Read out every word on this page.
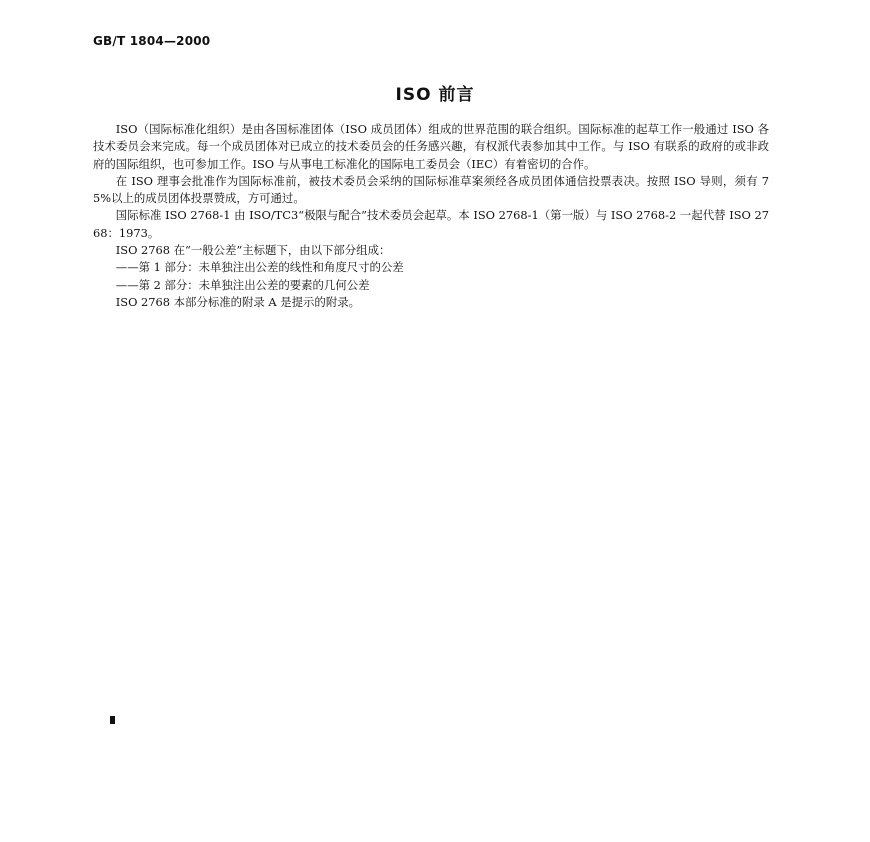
GB/T 1804—2000
ISO 前言

ISO（国际标准化组织）是由各国标准团体（ISO 成员团体）组成的世界范围的联合组织。国际标准的起草工作一般通过 ISO 各技术委员会来完成。每一个成员团体对已成立的技术委员会的任务感兴趣，有权派代表参加其中工作。与 ISO 有联系的政府的或非政府的国际组织，也可参加工作。ISO 与从事电工标准化的国际电工委员会（IEC）有着密切的合作。

在 ISO 理事会批准作为国际标准前，被技术委员会采纳的国际标准草案须经各成员团体通信投票表决。按照 ISO 导则，须有 75%以上的成员团体投票赞成，方可通过。

国际标准 ISO 2768-1 由 ISO/TC3“极限与配合”技术委员会起草。本 ISO 2768-1（第一版）与 ISO 2768-2 一起代替 ISO 2768：1973。

ISO 2768 在“一般公差”主标题下，由以下部分组成：

——第 1 部分：未单独注出公差的线性和角度尺寸的公差

——第 2 部分：未单独注出公差的要素的几何公差

ISO 2768 本部分标准的附录 A 是提示的附录。
